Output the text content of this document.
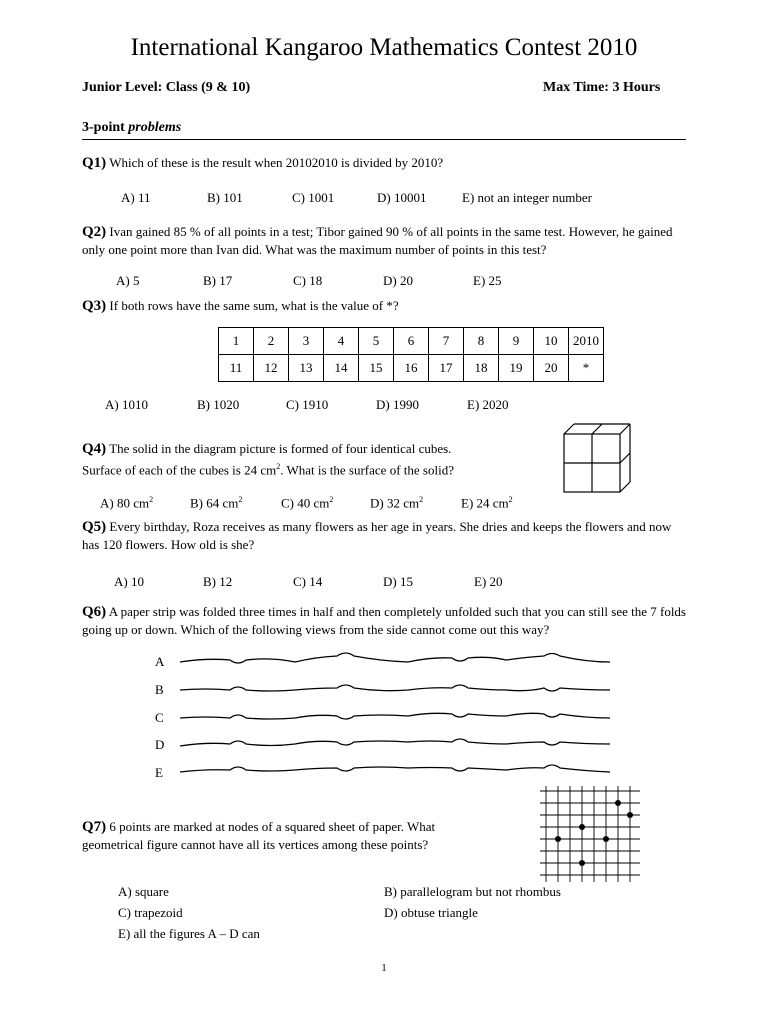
International Kangaroo Mathematics Contest 2010
Junior Level: Class (9 & 10)	Max Time: 3 Hours
3-point problems
Q1) Which of these is the result when 20102010 is divided by 2010?
A) 11	B) 101	C) 1001	D) 10001	E) not an integer number
Q2) Ivan gained 85 % of all points in a test; Tibor gained 90 % of all points in the same test. However, he gained only one point more than Ivan did. What was the maximum number of points in this test?
A) 5	B) 17	C) 18	D) 20	E) 25
Q3) If both rows have the same sum, what is the value of *?
1	2	3	4	5	6	7	8	9	10	2010
11	12	13	14	15	16	17	18	19	20	*
A) 1010	B) 1020	C) 1910	D) 1990	E) 2020
Q4) The solid in the diagram picture is formed of four identical cubes.
Surface of each of the cubes is 24 $cm^2$. What is the surface of the solid?
A) 80 $cm^2$	B) 64 $cm^2$	C) 40 $cm^2$	D) 32 $cm^2$	E) 24 $cm^2$
Q5) Every birthday, Roza receives as many flowers as her age in years. She dries and keeps the flowers and now has 120 flowers. How old is she?
A) 10	B) 12	C) 14	D) 15	E) 20
Q6) A paper strip was folded three times in half and then completely unfolded such that you can still see the 7 folds going up or down. Which of the following views from the side cannot come out this way?
A
B
C
D
E
Q7) 6 points are marked at nodes of a squared sheet of paper. What geometrical figure cannot have all its vertices among these points?
A) square	B) parallelogram but not rhombus
C) trapezoid	D) obtuse triangle
E) all the figures A – D can
1
